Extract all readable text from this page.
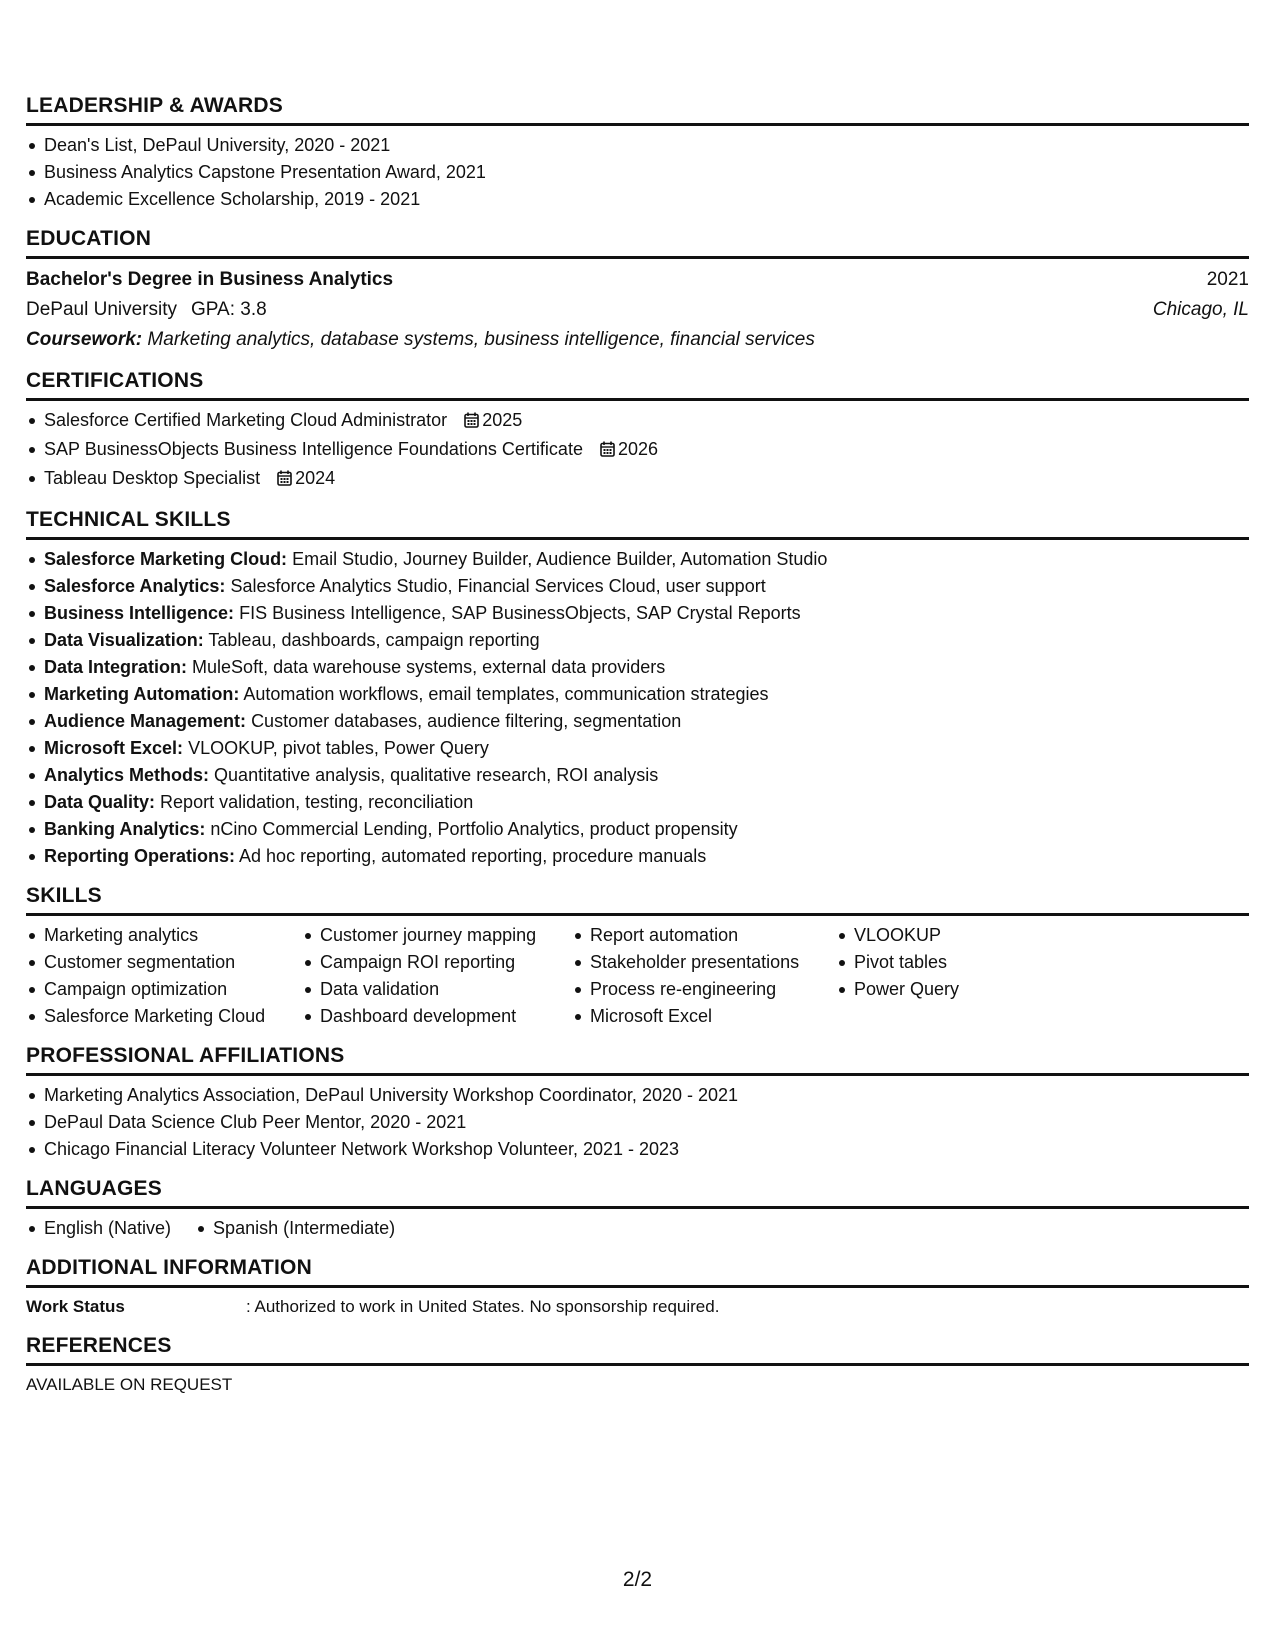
LEADERSHIP & AWARDS
Dean's List, DePaul University, 2020 - 2021
Business Analytics Capstone Presentation Award, 2021
Academic Excellence Scholarship, 2019 - 2021
EDUCATION
Bachelor's Degree in Business Analytics	2021
DePaul University GPA: 3.8	Chicago, IL
Coursework: Marketing analytics, database systems, business intelligence, financial services
CERTIFICATIONS
Salesforce Certified Marketing Cloud Administrator 2025
SAP BusinessObjects Business Intelligence Foundations Certificate 2026
Tableau Desktop Specialist 2024
TECHNICAL SKILLS
Salesforce Marketing Cloud: Email Studio, Journey Builder, Audience Builder, Automation Studio
Salesforce Analytics: Salesforce Analytics Studio, Financial Services Cloud, user support
Business Intelligence: FIS Business Intelligence, SAP BusinessObjects, SAP Crystal Reports
Data Visualization: Tableau, dashboards, campaign reporting
Data Integration: MuleSoft, data warehouse systems, external data providers
Marketing Automation: Automation workflows, email templates, communication strategies
Audience Management: Customer databases, audience filtering, segmentation
Microsoft Excel: VLOOKUP, pivot tables, Power Query
Analytics Methods: Quantitative analysis, qualitative research, ROI analysis
Data Quality: Report validation, testing, reconciliation
Banking Analytics: nCino Commercial Lending, Portfolio Analytics, product propensity
Reporting Operations: Ad hoc reporting, automated reporting, procedure manuals
SKILLS
Marketing analytics
Customer segmentation
Campaign optimization
Salesforce Marketing Cloud
Customer journey mapping
Campaign ROI reporting
Data validation
Dashboard development
Report automation
Stakeholder presentations
Process re-engineering
Microsoft Excel
VLOOKUP
Pivot tables
Power Query
PROFESSIONAL AFFILIATIONS
Marketing Analytics Association, DePaul University Workshop Coordinator, 2020 - 2021
DePaul Data Science Club Peer Mentor, 2020 - 2021
Chicago Financial Literacy Volunteer Network Workshop Volunteer, 2021 - 2023
LANGUAGES
English (Native)	Spanish (Intermediate)
ADDITIONAL INFORMATION
Work Status	: Authorized to work in United States. No sponsorship required.
REFERENCES
AVAILABLE ON REQUEST
2/2
